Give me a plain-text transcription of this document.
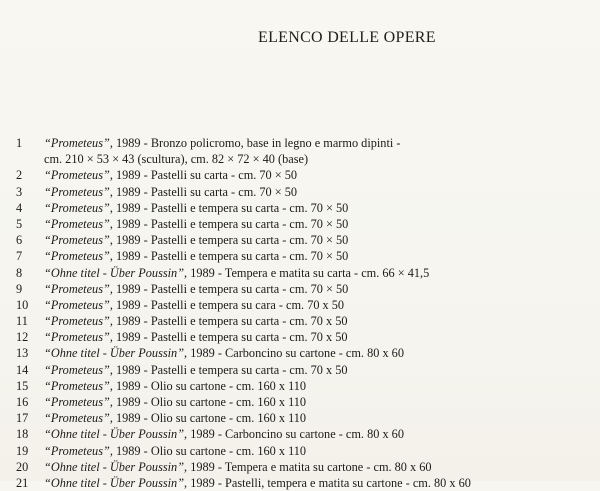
ELENCO DELLE OPERE
1	“Prometeus”, 1989 - Bronzo policromo, base in legno e marmo dipinti -
cm. 210 × 53 × 43 (scultura), cm. 82 × 72 × 40 (base)
2	“Prometeus”, 1989 - Pastelli su carta - cm. 70 × 50
3	“Prometeus”, 1989 - Pastelli su carta - cm. 70 × 50
4	“Prometeus”, 1989 - Pastelli e tempera su carta - cm. 70 × 50
5	“Prometeus”, 1989 - Pastelli e tempera su carta - cm. 70 × 50
6	“Prometeus”, 1989 - Pastelli e tempera su carta - cm. 70 × 50
7	“Prometeus”, 1989 - Pastelli e tempera su carta - cm. 70 × 50
8	“Ohne titel - Über Poussin”, 1989 - Tempera e matita su carta - cm. 66 × 41,5
9	“Prometeus”, 1989 - Pastelli e tempera su carta - cm. 70 × 50
10	“Prometeus”, 1989 - Pastelli e tempera su cara - cm. 70 x 50
11	“Prometeus”, 1989 - Pastelli e tempera su carta - cm. 70 x 50
12	“Prometeus”, 1989 - Pastelli e tempera su carta - cm. 70 x 50
13	“Ohne titel - Über Poussin”, 1989 - Carboncino su cartone - cm. 80 x 60
14	“Prometeus”, 1989 - Pastelli e tempera su carta - cm. 70 x 50
15	“Prometeus”, 1989 - Olio su cartone - cm. 160 x 110
16	“Prometeus”, 1989 - Olio su cartone - cm. 160 x 110
17	“Prometeus”, 1989 - Olio su cartone - cm. 160 x 110
18	“Ohne titel - Über Poussin”, 1989 - Carboncino su cartone - cm. 80 x 60
19	“Prometeus”, 1989 - Olio su cartone - cm. 160 x 110
20	“Ohne titel - Über Poussin”, 1989 - Tempera e matita su cartone - cm. 80 x 60
21	“Ohne titel - Über Poussin”, 1989 - Pastelli, tempera e matita su cartone - cm. 80 x 60
